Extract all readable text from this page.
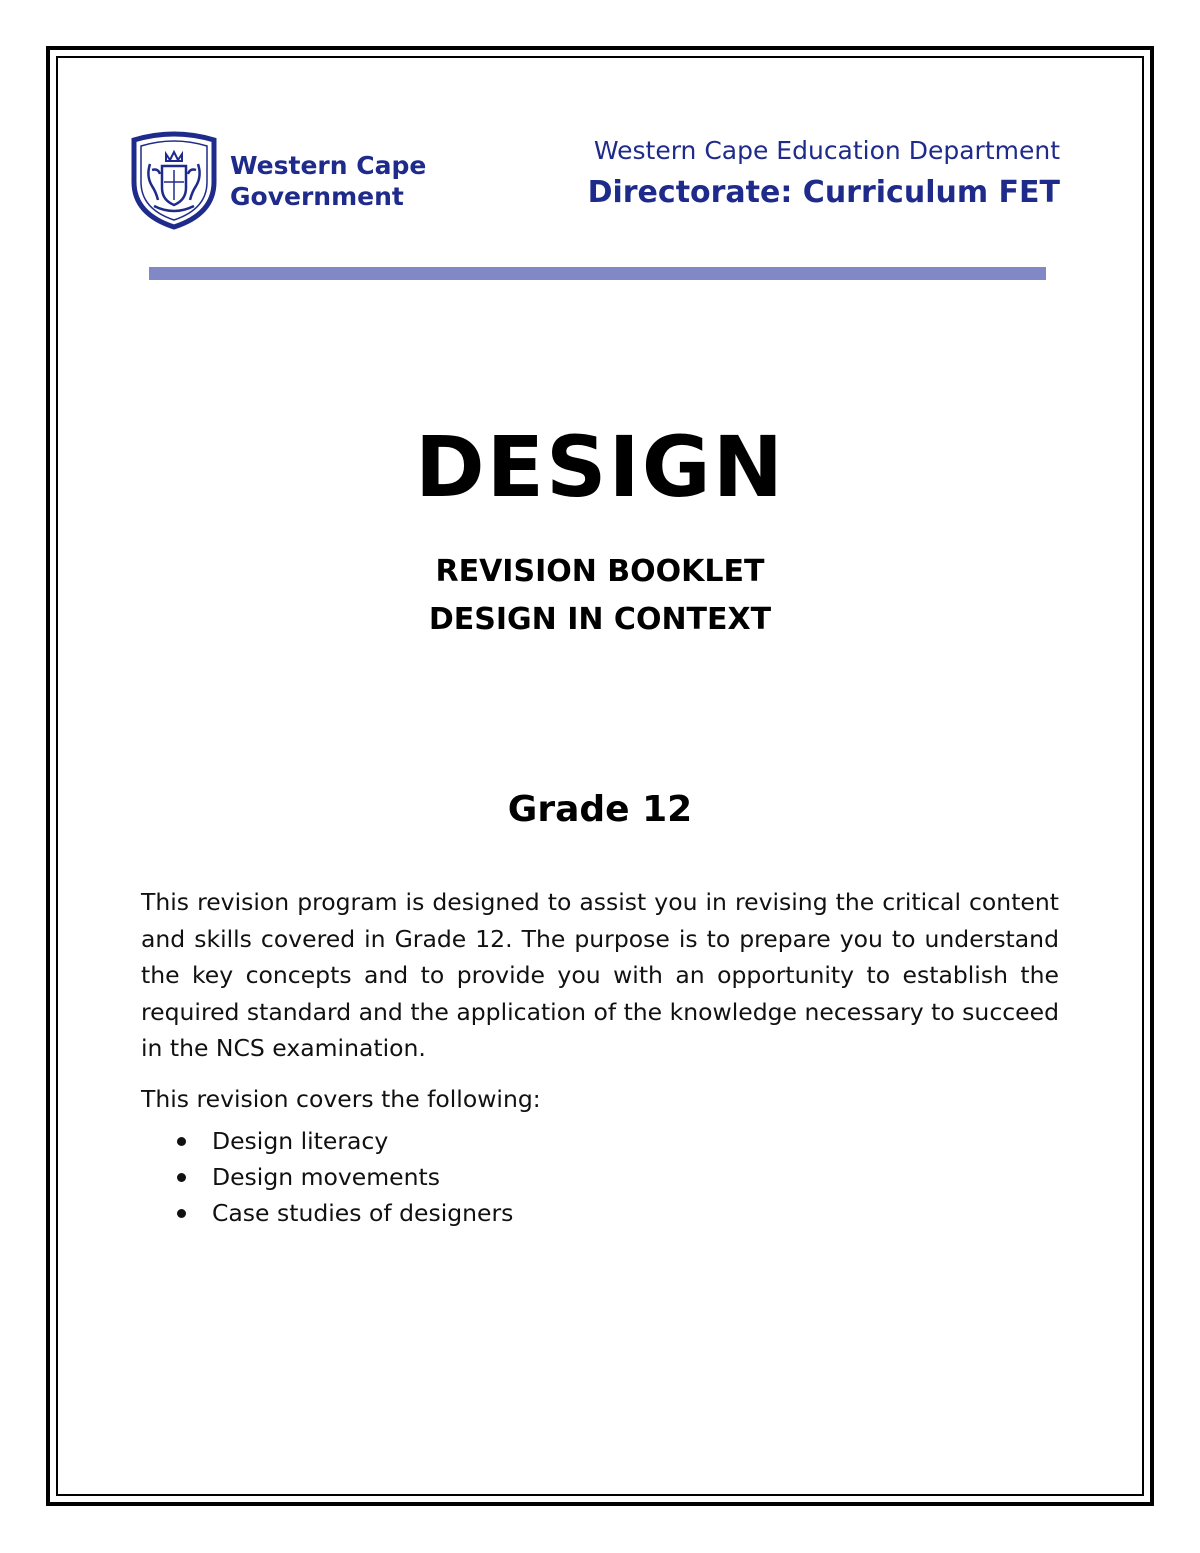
Western Cape
Government
Western Cape Education Department
Directorate: Curriculum FET
DESIGN
REVISION BOOKLET
DESIGN IN CONTEXT
Grade 12

This revision program is designed to assist you in revising the critical content and skills covered in Grade 12. The purpose is to prepare you to understand the key concepts and to provide you with an opportunity to establish the required standard and the application of the knowledge necessary to succeed in the NCS examination.

This revision covers the following:

Design literacy
Design movements
Case studies of designers
